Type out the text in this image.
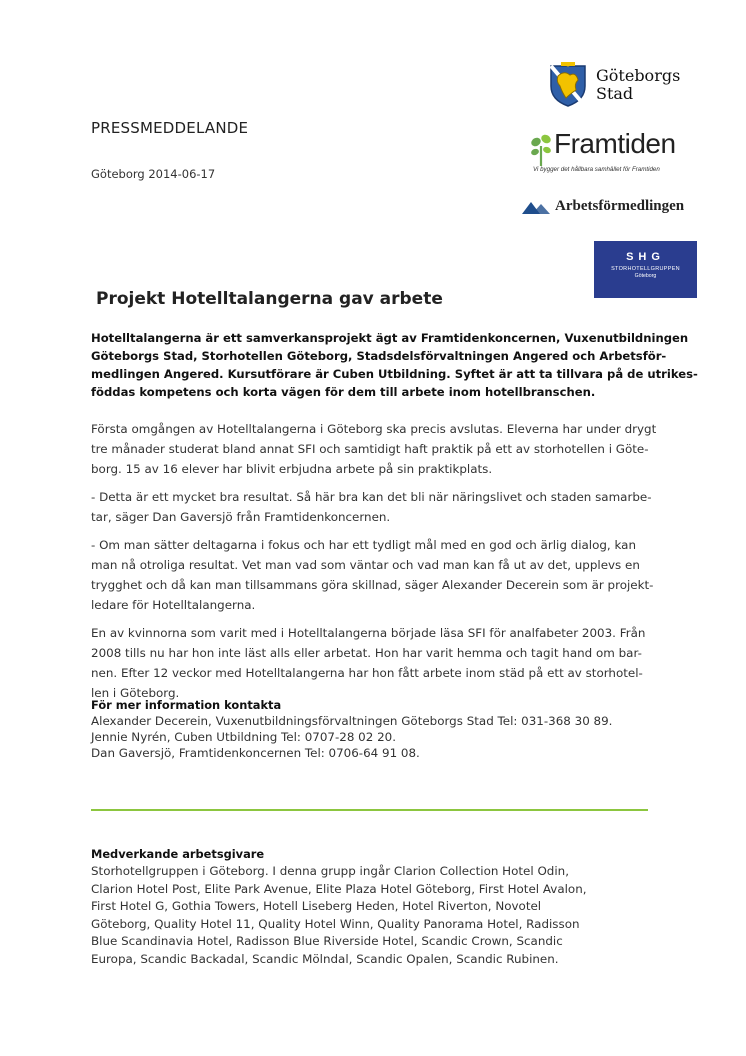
PRESSMEDDELANDE
Göteborg 2014-06-17
Göteborgs
Stad
Framtiden
Vi bygger det hållbara samhället för Framtiden
Arbetsförmedlingen
SHG
STORHOTELLGRUPPEN
Göteborg
Projekt Hotelltalangerna gav arbete
Hotelltalangerna är ett samverkansprojekt ägt av Framtidenkoncernen, Vuxenutbildningen
Göteborgs Stad, Storhotellen Göteborg, Stadsdelsförvaltningen Angered och Arbetsför-
medlingen Angered. Kursutförare är Cuben Utbildning. Syftet är att ta tillvara på de utrikes-
föddas kompetens och korta vägen för dem till arbete inom hotellbranschen.
Första omgången av Hotelltalangerna i Göteborg ska precis avslutas. Eleverna har under drygt
tre månader studerat bland annat SFI och samtidigt haft praktik på ett av storhotellen i Göte-
borg. 15 av 16 elever har blivit erbjudna arbete på sin praktikplats.
- Detta är ett mycket bra resultat. Så här bra kan det bli när näringslivet och staden samarbe-
tar, säger Dan Gaversjö från Framtidenkoncernen.
- Om man sätter deltagarna i fokus och har ett tydligt mål med en god och ärlig dialog, kan
man nå otroliga resultat. Vet man vad som väntar och vad man kan få ut av det, upplevs en
trygghet och då kan man tillsammans göra skillnad, säger Alexander Decerein som är projekt-
ledare för Hotelltalangerna.
En av kvinnorna som varit med i Hotelltalangerna började läsa SFI för analfabeter 2003. Från
2008 tills nu har hon inte läst alls eller arbetat. Hon har varit hemma och tagit hand om bar-
nen. Efter 12 veckor med Hotelltalangerna har hon fått arbete inom städ på ett av storhotel-
len i Göteborg.
För mer information kontakta
Alexander Decerein, Vuxenutbildningsförvaltningen Göteborgs Stad Tel: 031-368 30 89.
Jennie Nyrén, Cuben Utbildning Tel: 0707-28 02 20.
Dan Gaversjö, Framtidenkoncernen Tel: 0706-64 91 08.
Medverkande arbetsgivare
Storhotellgruppen i Göteborg. I denna grupp ingår Clarion Collection Hotel Odin,
Clarion Hotel Post, Elite Park Avenue, Elite Plaza Hotel Göteborg, First Hotel Avalon,
First Hotel G, Gothia Towers, Hotell Liseberg Heden, Hotel Riverton, Novotel
Göteborg, Quality Hotel 11, Quality Hotel Winn, Quality Panorama Hotel, Radisson
Blue Scandinavia Hotel, Radisson Blue Riverside Hotel, Scandic Crown, Scandic
Europa, Scandic Backadal, Scandic Mölndal, Scandic Opalen, Scandic Rubinen.
